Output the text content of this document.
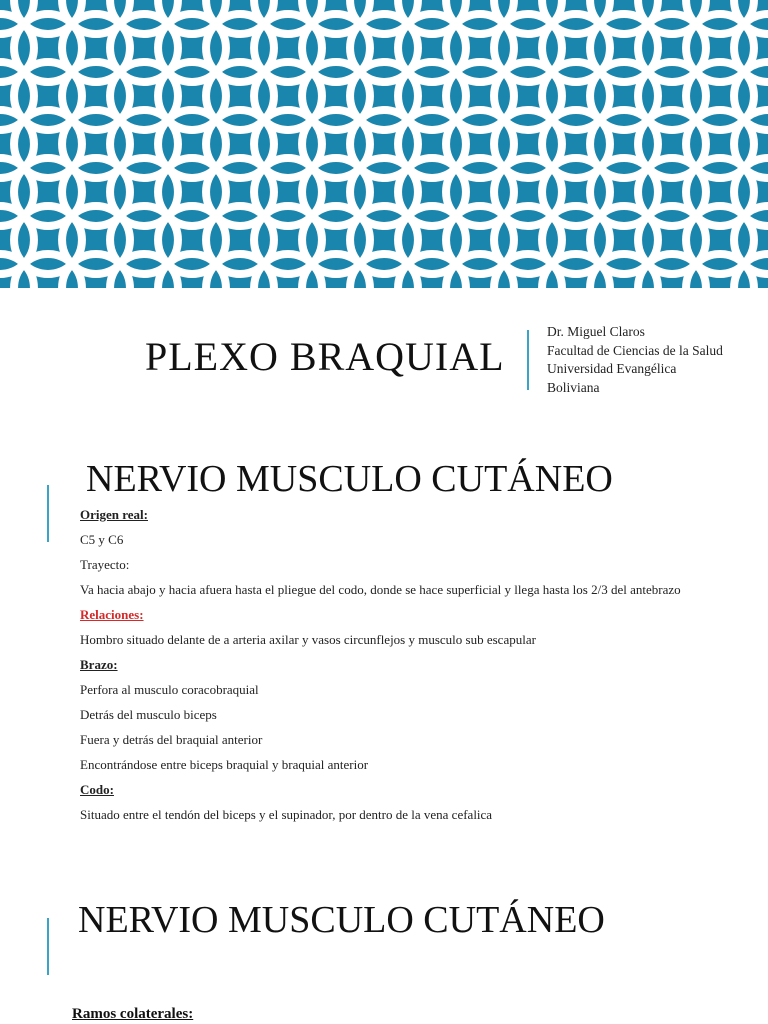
PLEXO BRAQUIAL
Dr. Miguel Claros
Facultad de Ciencias de la Salud
Universidad Evangélica
Boliviana
NERVIO MUSCULO CUTÁNEO

Origen real:

C5 y C6

Trayecto:

Va hacia abajo y hacia afuera hasta el pliegue del codo, donde se hace superficial y llega hasta los 2/3 del antebrazo

Relaciones:

Hombro situado delante de a arteria axilar y vasos circunflejos y musculo sub escapular

Brazo:

Perfora al musculo coracobraquial

Detrás del musculo biceps

Fuera y detrás del braquial anterior

Encontrándose entre biceps braquial y braquial anterior

Codo:

Situado entre el tendón del biceps y el supinador, por dentro de la vena cefalica

NERVIO MUSCULO CUTÁNEO
Ramos colaterales:
